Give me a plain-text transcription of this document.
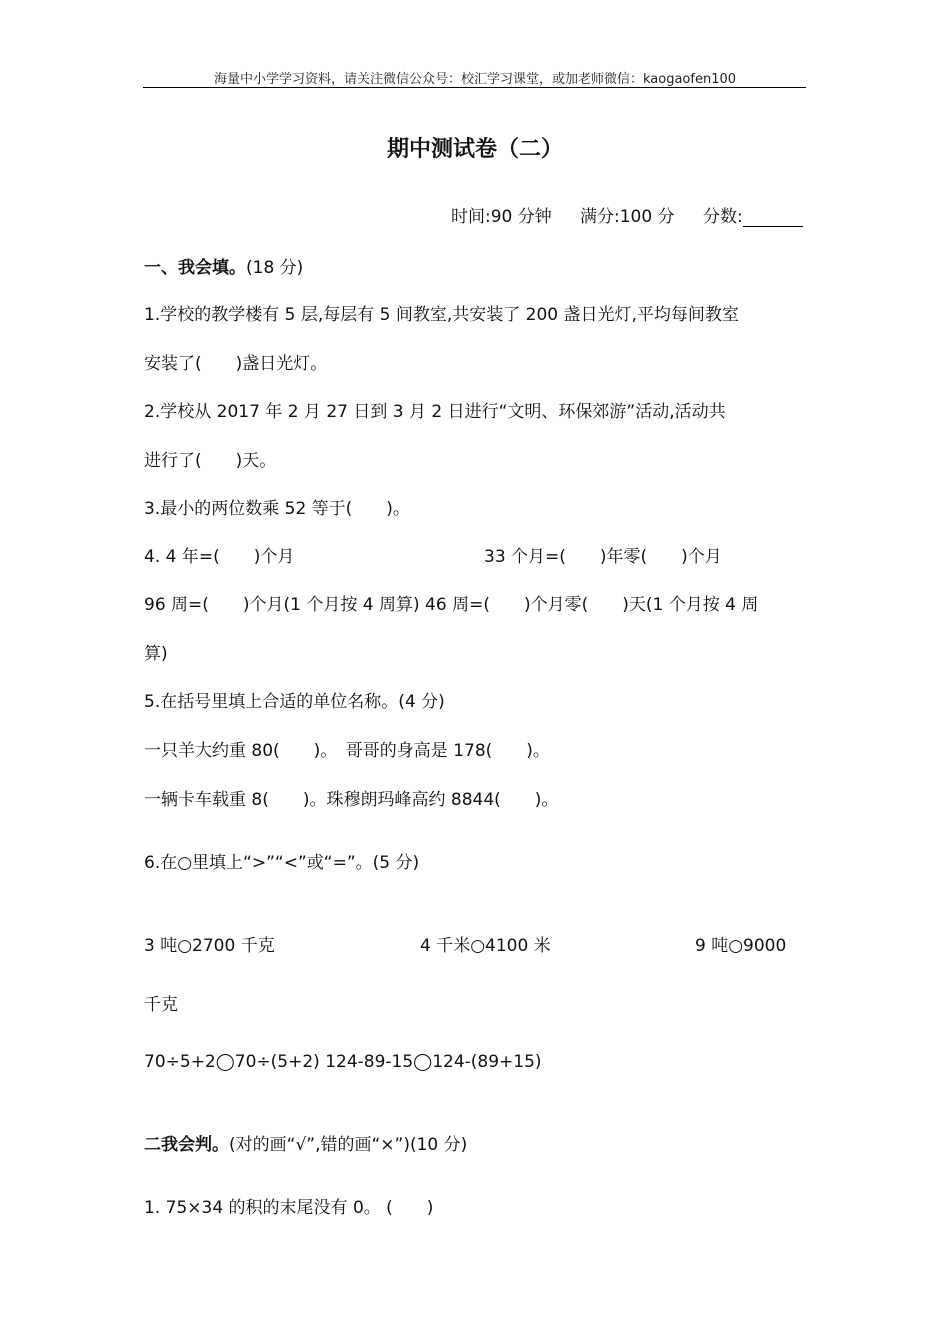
海量中小学学习资料，请关注微信公众号：校汇学习课堂，或加老师微信：kaogaofen100
期中测试卷（二）
时间:90 分钟 满分:100 分 分数:
一、我会填。(18 分)
1.学校的教学楼有 5 层,每层有 5 间教室,共安装了 200 盏日光灯,平均每间教室
安装了(　　)盏日光灯。
2.学校从 2017 年 2 月 27 日到 3 月 2 日进行“文明、环保郊游”活动,活动共
进行了(　　)天。
3.最小的两位数乘 52 等于(　　)。
4. 4 年=(　　)个月	33 个月=(　　)年零(　　)个月
96 周=(　　)个月(1 个月按 4 周算) 46 周=(　　)个月零(　　)天(1 个月按 4 周
算)
5.在括号里填上合适的单位名称。(4 分)
一只羊大约重 80(　　)。　哥哥的身高是 178(　　)。
一辆卡车载重 8(　　)。珠穆朗玛峰高约 8844(　　)。
6.在○里填上“>”“<”或“=”。(5 分)
3 吨○2700 千克	4 千米○4100 米	9 吨○9000
千克
70÷5+2◯70÷(5+2) 124-89-15◯124-(89+15)
二我会判。(对的画“√”,错的画“×”)(10 分)
1. 75×34 的积的末尾没有 0。 (　　)
